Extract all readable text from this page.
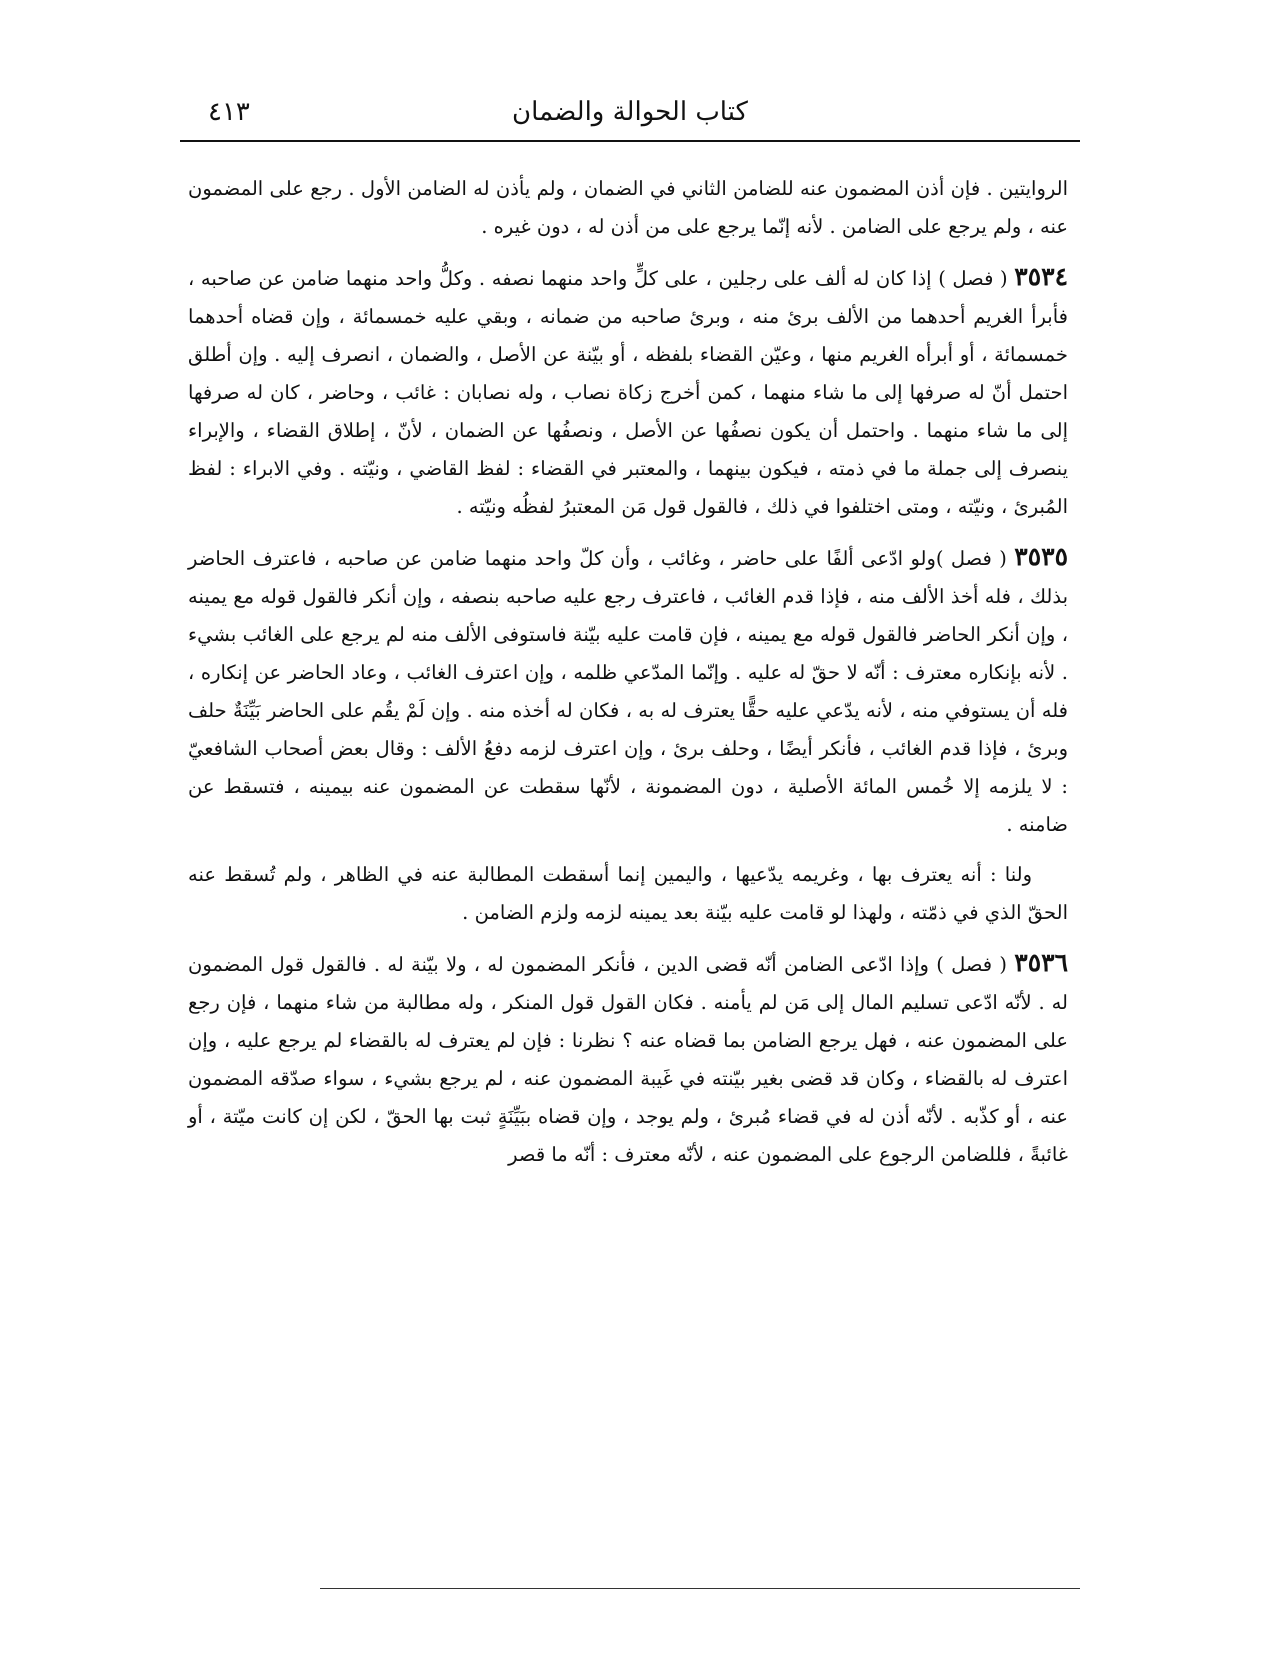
كتاب الحوالة والضمان
٤١٣

الروايتين . فإن أذن المضمون عنه للضامن الثاني في الضمان ، ولم يأذن له الضامن الأول . رجع على المضمون عنه ، ولم يرجع على الضامن . لأنه إنّما يرجع على من أذن له ، دون غيره .

٣٥٣٤ ( فصل ) إذا كان له ألف على رجلين ، على كلٍّ واحد منهما نصفه . وكلُّ واحد منهما ضامن عن صاحبه ، فأبرأ الغريم أحدهما من الألف برئ منه ، وبرئ صاحبه من ضمانه ، وبقي عليه خمسمائة ، وإن قضاه أحدهما خمسمائة ، أو أبرأه الغريم منها ، وعيّن القضاء بلفظه ، أو بيّنة عن الأصل ، والضمان ، انصرف إليه . وإن أطلق احتمل أنّ له صرفها إلى ما شاء منهما ، كمن أخرج زكاة نصاب ، وله نصابان : غائب ، وحاضر ، كان له صرفها إلى ما شاء منهما . واحتمل أن يكون نصفُها عن الأصل ، ونصفُها عن الضمان ، لأنّ ، إطلاق القضاء ، والإبراء ينصرف إلى جملة ما في ذمته ، فيكون بينهما ، والمعتبر في القضاء : لفظ القاضي ، ونيّته . وفي الابراء : لفظ المُبرئ ، ونيّته ، ومتى اختلفوا في ذلك ، فالقول قول مَن المعتبرُ لفظُه ونيّته .

٣٥٣٥ ( فصل )ولو ادّعى ألفًا على حاضر ، وغائب ، وأن كلّ واحد منهما ضامن عن صاحبه ، فاعترف الحاضر بذلك ، فله أخذ الألف منه ، فإذا قدم الغائب ، فاعترف رجع عليه صاحبه بنصفه ، وإن أنكر فالقول قوله مع يمينه ، وإن أنكر الحاضر فالقول قوله مع يمينه ، فإن قامت عليه بيّنة فاستوفى الألف منه لم يرجع على الغائب بشيء . لأنه بإنكاره معترف : أنّه لا حقّ له عليه . وإنّما المدّعي ظلمه ، وإن اعترف الغائب ، وعاد الحاضر عن إنكاره ، فله أن يستوفي منه ، لأنه يدّعي عليه حقًّا يعترف له به ، فكان له أخذه منه . وإن لَمْ يقُم على الحاضر بَيِّنَةٌ حلف وبرئ ، فإذا قدم الغائب ، فأنكر أيضًا ، وحلف برئ ، وإن اعترف لزمه دفعُ الألف : وقال بعض أصحاب الشافعيّ : لا يلزمه إلا خُمس المائة الأصلية ، دون المضمونة ، لأنّها سقطت عن المضمون عنه بيمينه ، فتسقط عن ضامنه .

ولنا : أنه يعترف بها ، وغريمه يدّعيها ، واليمين إنما أسقطت المطالبة عنه في الظاهر ، ولم تُسقط عنه الحقّ الذي في ذمّته ، ولهذا لو قامت عليه بيّنة بعد يمينه لزمه ولزم الضامن .

٣٥٣٦ ( فصل ) وإذا ادّعى الضامن أنّه قضى الدين ، فأنكر المضمون له ، ولا بيّنة له . فالقول قول المضمون له . لأنّه ادّعى تسليم المال إلى مَن لم يأمنه . فكان القول قول المنكر ، وله مطالبة من شاء منهما ، فإن رجع على المضمون عنه ، فهل يرجع الضامن بما قضاه عنه ؟ نظرنا : فإن لم يعترف له بالقضاء لم يرجع عليه ، وإن اعترف له بالقضاء ، وكان قد قضى بغير بيّنته في غَيبة المضمون عنه ، لم يرجع بشيء ، سواء صدّقه المضمون عنه ، أو كذّبه . لأنّه أذن له في قضاء مُبرئ ، ولم يوجد ، وإن قضاه ببَيِّنَةٍ ثبت بها الحقّ ، لكن إن كانت ميّتة ، أو غائبةً ، فللضامن الرجوع على المضمون عنه ، لأنّه معترف : أنّه ما قصر
